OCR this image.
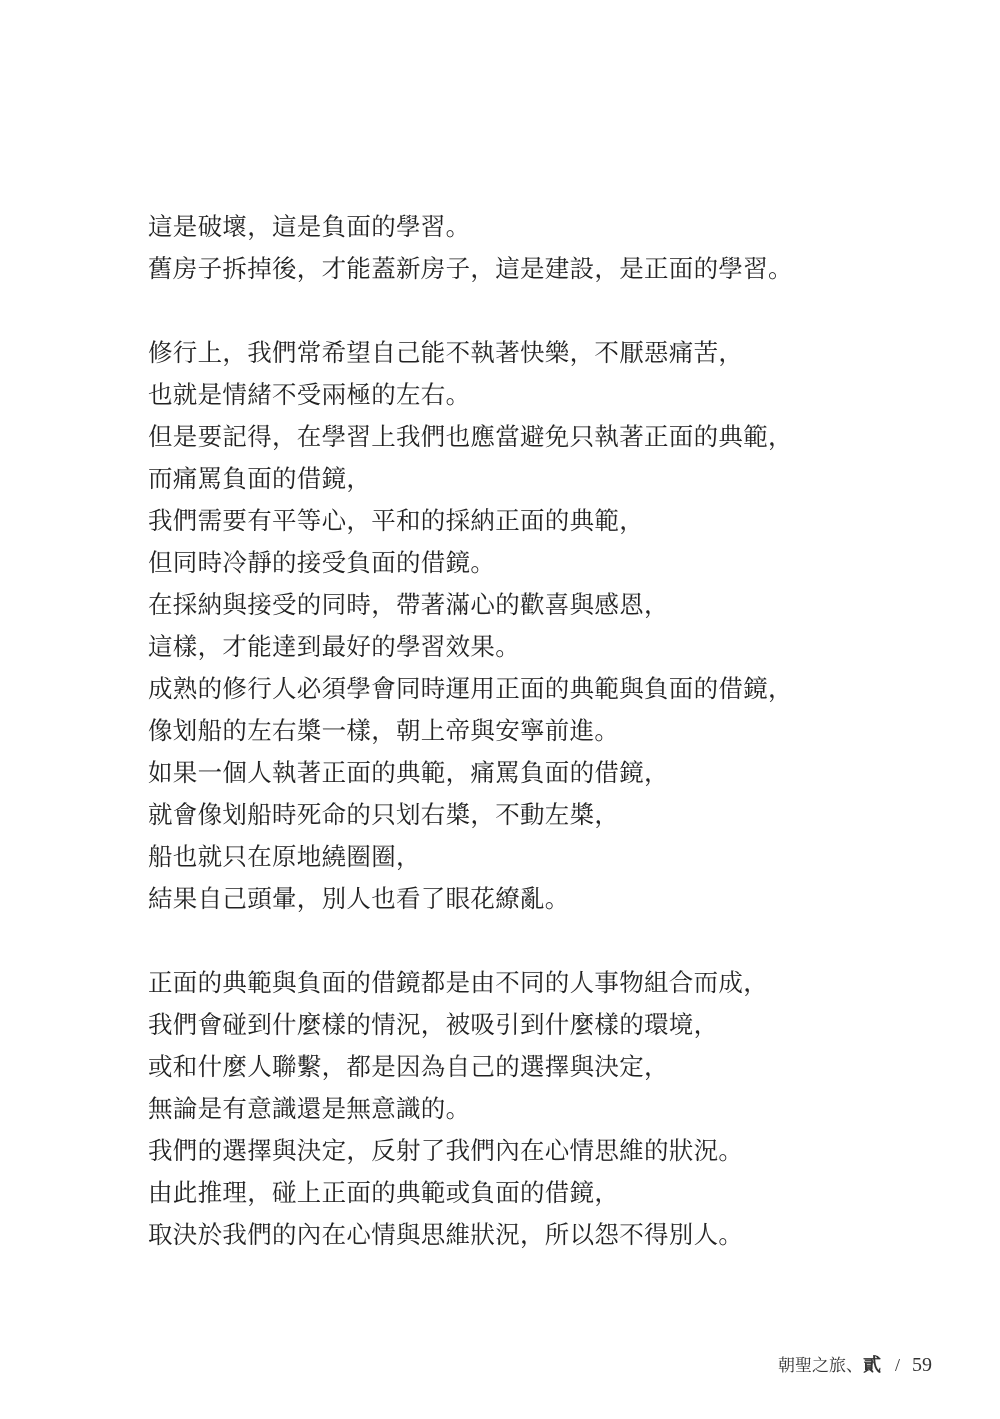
這是破壞，這是負面的學習。
舊房子拆掉後，才能蓋新房子，這是建設，是正面的學習。
修行上，我們常希望自己能不執著快樂，不厭惡痛苦，
也就是情緒不受兩極的左右。
但是要記得，在學習上我們也應當避免只執著正面的典範，
而痛罵負面的借鏡，
我們需要有平等心，平和的採納正面的典範，
但同時冷靜的接受負面的借鏡。
在採納與接受的同時，帶著滿心的歡喜與感恩，
這樣，才能達到最好的學習效果。
成熟的修行人必須學會同時運用正面的典範與負面的借鏡，
像划船的左右槳一樣，朝上帝與安寧前進。
如果一個人執著正面的典範，痛罵負面的借鏡，
就會像划船時死命的只划右槳，不動左槳，
船也就只在原地繞圈圈，
結果自己頭暈，別人也看了眼花繚亂。
正面的典範與負面的借鏡都是由不同的人事物組合而成，
我們會碰到什麼樣的情況，被吸引到什麼樣的環境，
或和什麼人聯繫，都是因為自己的選擇與決定，
無論是有意識還是無意識的。
我們的選擇與決定，反射了我們內在心情思維的狀況。
由此推理，碰上正面的典範或負面的借鏡，
取決於我們的內在心情與思維狀況，所以怨不得別人。
朝聖之旅、 貳 / 59
